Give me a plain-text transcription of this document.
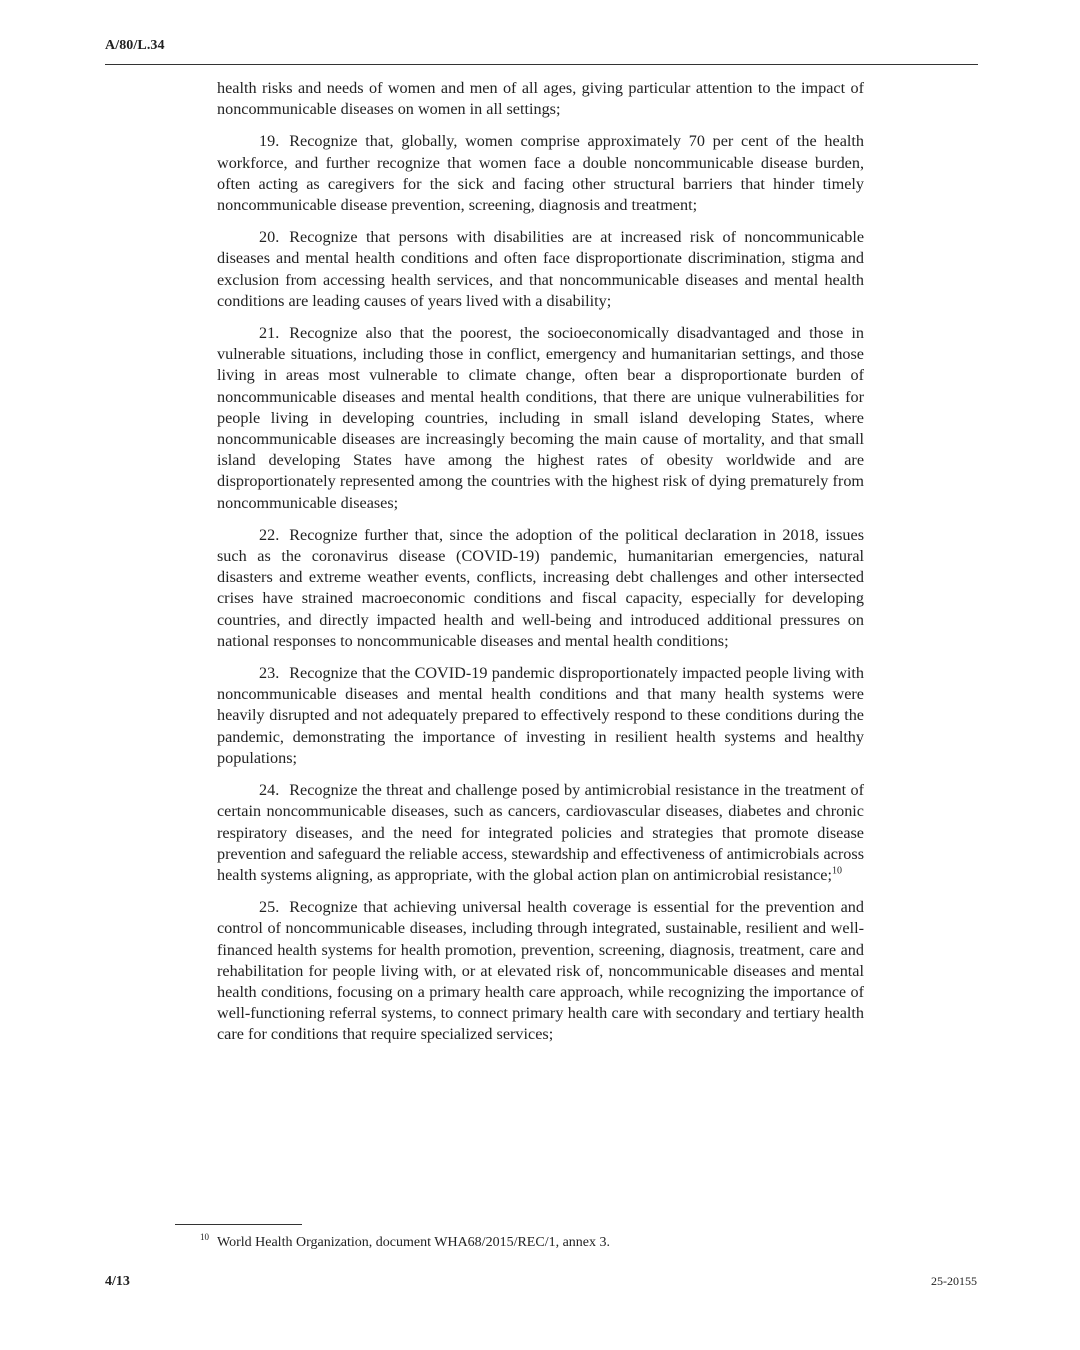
A/80/L.34

health risks and needs of women and men of all ages, giving particular attention to the impact of noncommunicable diseases on women in all settings;

19. Recognize that, globally, women comprise approximately 70 per cent of the health workforce, and further recognize that women face a double noncommunicable disease burden, often acting as caregivers for the sick and facing other structural barriers that hinder timely noncommunicable disease prevention, screening, diagnosis and treatment;

20. Recognize that persons with disabilities are at increased risk of noncommunicable diseases and mental health conditions and often face disproportionate discrimination, stigma and exclusion from accessing health services, and that noncommunicable diseases and mental health conditions are leading causes of years lived with a disability;

21. Recognize also that the poorest, the socioeconomically disadvantaged and those in vulnerable situations, including those in conflict, emergency and humanitarian settings, and those living in areas most vulnerable to climate change, often bear a disproportionate burden of noncommunicable diseases and mental health conditions, that there are unique vulnerabilities for people living in developing countries, including in small island developing States, where noncommunicable diseases are increasingly becoming the main cause of mortality, and that small island developing States have among the highest rates of obesity worldwide and are disproportionately represented among the countries with the highest risk of dying prematurely from noncommunicable diseases;

22. Recognize further that, since the adoption of the political declaration in 2018, issues such as the coronavirus disease (COVID-19) pandemic, humanitarian emergencies, natural disasters and extreme weather events, conflicts, increasing debt challenges and other intersected crises have strained macroeconomic conditions and fiscal capacity, especially for developing countries, and directly impacted health and well-being and introduced additional pressures on national responses to noncommunicable diseases and mental health conditions;

23. Recognize that the COVID-19 pandemic disproportionately impacted people living with noncommunicable diseases and mental health conditions and that many health systems were heavily disrupted and not adequately prepared to effectively respond to these conditions during the pandemic, demonstrating the importance of investing in resilient health systems and healthy populations;

24. Recognize the threat and challenge posed by antimicrobial resistance in the treatment of certain noncommunicable diseases, such as cancers, cardiovascular diseases, diabetes and chronic respiratory diseases, and the need for integrated policies and strategies that promote disease prevention and safeguard the reliable access, stewardship and effectiveness of antimicrobials across health systems aligning, as appropriate, with the global action plan on antimicrobial resistance;$^{10}$

25. Recognize that achieving universal health coverage is essential for the prevention and control of noncommunicable diseases, including through integrated, sustainable, resilient and well-financed health systems for health promotion, prevention, screening, diagnosis, treatment, care and rehabilitation for people living with, or at elevated risk of, noncommunicable diseases and mental health conditions, focusing on a primary health care approach, while recognizing the importance of well-functioning referral systems, to connect primary health care with secondary and tertiary health care for conditions that require specialized services;

$^{10}$ World Health Organization, document WHA68/2015/REC/1, annex 3.
4/13	25-20155
